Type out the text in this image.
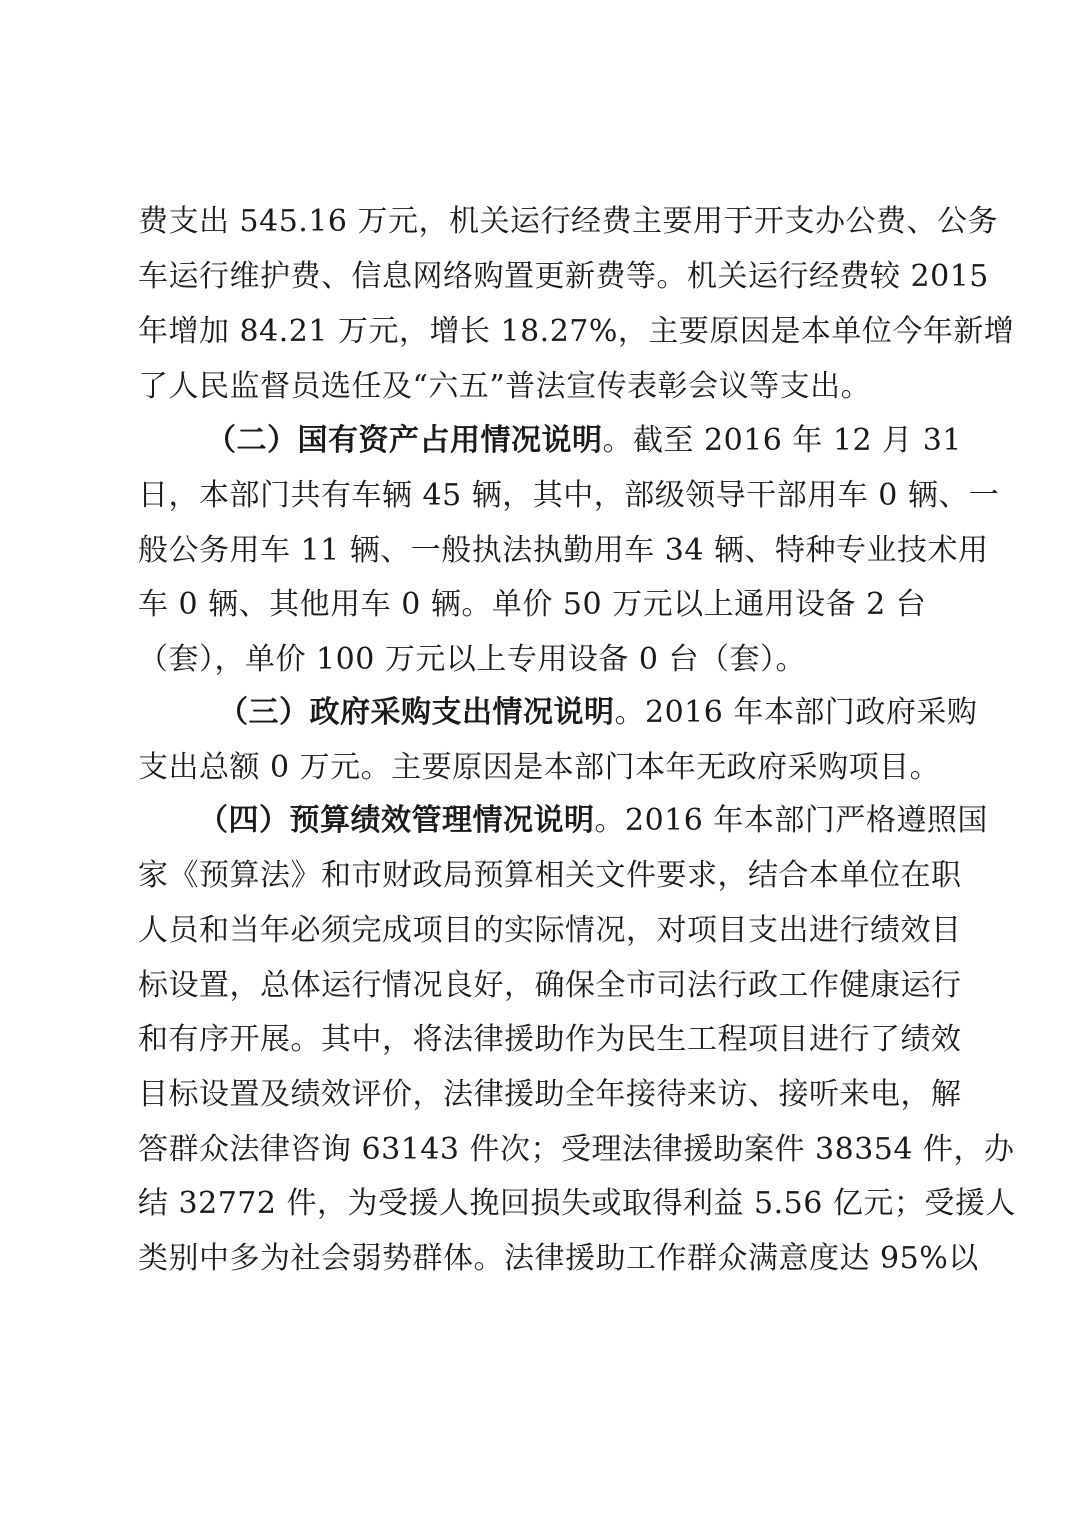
费支出 545.16 万元，机关运行经费主要用于开支办公费、公务
车运行维护费、信息网络购置更新费等。机关运行经费较 2015
年增加 84.21 万元，增长 18.27%，主要原因是本单位今年新增
了人民监督员选任及“六五”普法宣传表彰会议等支出。
（二）国有资产占用情况说明。截至 2016 年 12 月 31
日，本部门共有车辆 45 辆，其中，部级领导干部用车 0 辆、一
般公务用车 11 辆、一般执法执勤用车 34 辆、特种专业技术用
车 0 辆、其他用车 0 辆。单价 50 万元以上通用设备 2 台
（套），单价 100 万元以上专用设备 0 台（套）。
（三）政府采购支出情况说明。2016 年本部门政府采购
支出总额 0 万元。主要原因是本部门本年无政府采购项目。
（四）预算绩效管理情况说明。2016 年本部门严格遵照国
家《预算法》和市财政局预算相关文件要求，结合本单位在职
人员和当年必须完成项目的实际情况，对项目支出进行绩效目
标设置，总体运行情况良好，确保全市司法行政工作健康运行
和有序开展。其中，将法律援助作为民生工程项目进行了绩效
目标设置及绩效评价，法律援助全年接待来访、接听来电，解
答群众法律咨询 63143 件次；受理法律援助案件 38354 件，办
结 32772 件，为受援人挽回损失或取得利益 5.56 亿元；受援人
类别中多为社会弱势群体。法律援助工作群众满意度达 95%以
